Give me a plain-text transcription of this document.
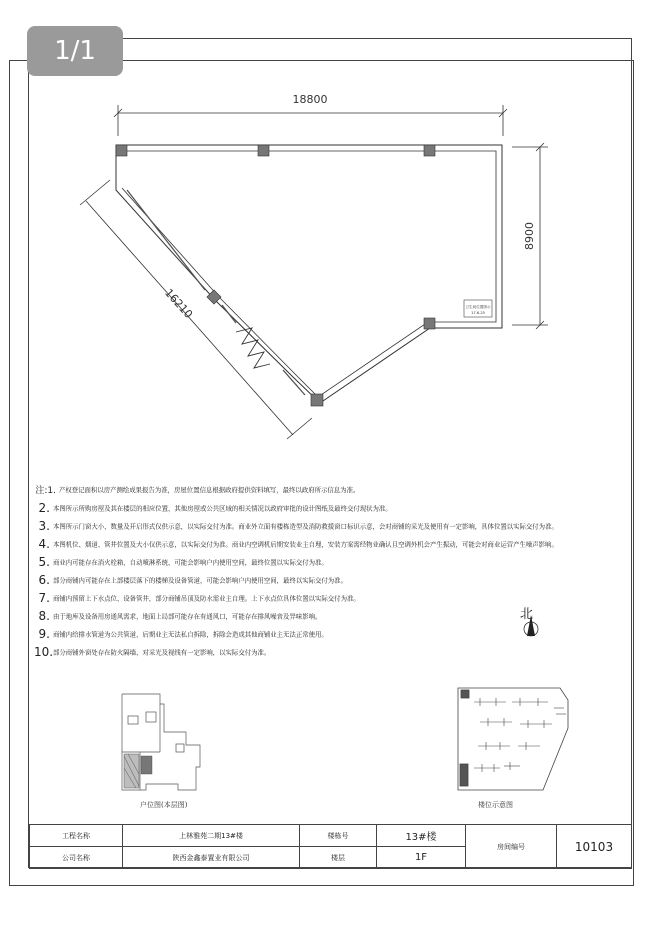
1/1
18800
8900
16210	卫生间位置图示
17.6-25
注:1. 产权登记面积以房产测绘成果报告为准，房屋位置信息根据政府提供资料填写，最终以政府所示信息为准。
2. 本图所示所购房屋及其在楼层的相应位置，其他房屋或公共区域的相关情况以政府审批的设计图纸及最终交付现状为准。
3. 本图所示门窗大小、数量及开启形式仅供示意，以实际交付为准。商业外立面有楼栋造型及消防救援窗口标识示意，会对商铺的采光及使用有一定影响，具体位置以实际交付为准。
4. 本图机位、烟道、管井位置及大小仅供示意，以实际交付为准。商业内空调机后期安装业主自理，安装方案需经物业确认且空调外机会产生振动，可能会对商业运营产生噪声影响。
5. 商业内可能存在消火栓箱，自动喷淋系统，可能会影响户内使用空间，最终位置以实际交付为准。
6. 部分商铺内可能存在上部楼层落下的楼梯及设备管道，可能会影响户内使用空间，最终以实际交付为准。
7. 商铺内预留上下水点位、设备管井，部分商铺吊顶及防水需业主自理。上下水点位具体位置以实际交付为准。
8. 由于地库及设备用房通风需求，地面上局部可能存在有通风口，可能存在排风噪音及异味影响。
9. 商铺内给排水管道为公共管道，后期业主无法私自拆除，拆除会造成其他商铺业主无法正常使用。
10.部分商铺外窗处存在防火隔墙，对采光及视线有一定影响，以实际交付为准。
北
户位图(本层图)	楼位示意图
工程名称	上林雅苑二期13#楼	楼栋号	13#楼	房间编号	10103
公司名称	陕西金鑫泰置业有限公司	楼层	1F		
